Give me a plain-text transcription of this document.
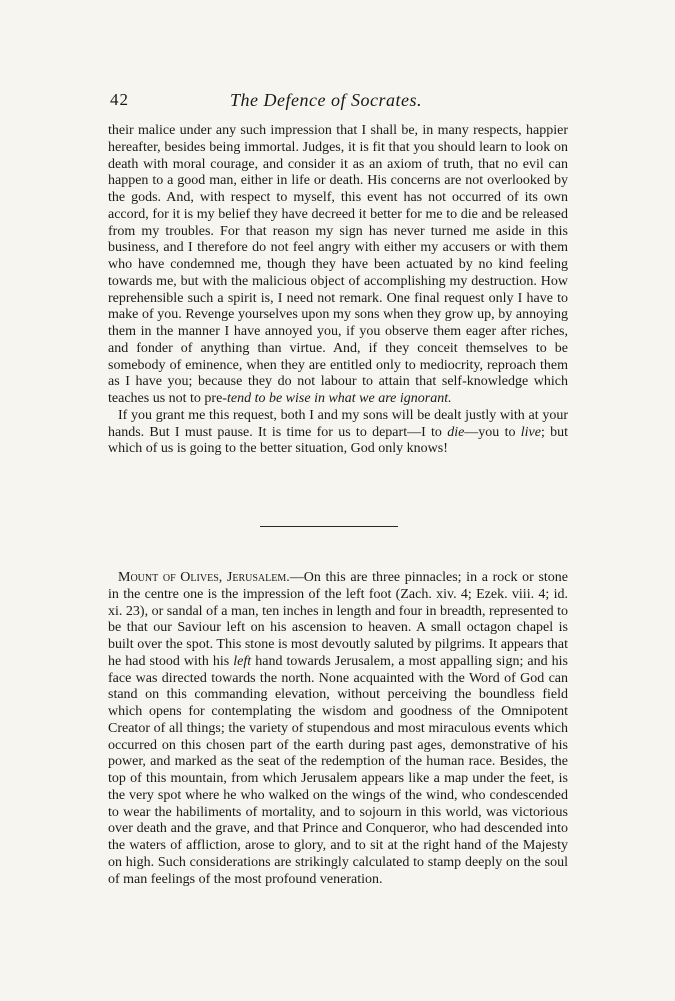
42	The Defence of Socrates.

their malice under any such impression that I shall be, in many respects, happier hereafter, besides being immortal. Judges, it is fit that you should learn to look on death with moral courage, and consider it as an axiom of truth, that no evil can happen to a good man, either in life or death. His concerns are not overlooked by the gods. And, with respect to myself, this event has not occurred of its own accord, for it is my belief they have decreed it better for me to die and be released from my troubles. For that reason my sign has never turned me aside in this business, and I therefore do not feel angry with either my accusers or with them who have condemned me, though they have been actuated by no kind feeling towards me, but with the malicious object of accomplishing my destruction. How reprehensible such a spirit is, I need not remark. One final request only I have to make of you. Revenge yourselves upon my sons when they grow up, by annoying them in the manner I have annoyed you, if you observe them eager after riches, and fonder of anything than virtue. And, if they conceit themselves to be somebody of eminence, when they are entitled only to mediocrity, reproach them as I have you; because they do not labour to attain that self-knowledge which teaches us not to pre-tend to be wise in what we are ignorant.

If you grant me this request, both I and my sons will be dealt justly with at your hands. But I must pause. It is time for us to depart—I to die—you to live; but which of us is going to the better situation, God only knows!

Mount of Olives, Jerusalem.—On this are three pinnacles; in a rock or stone in the centre one is the impression of the left foot (Zach. xiv. 4; Ezek. viii. 4; id. xi. 23), or sandal of a man, ten inches in length and four in breadth, represented to be that our Saviour left on his ascension to heaven. A small octagon chapel is built over the spot. This stone is most devoutly saluted by pilgrims. It appears that he had stood with his left hand towards Jerusalem, a most appalling sign; and his face was directed towards the north. None acquainted with the Word of God can stand on this commanding elevation, without perceiving the boundless field which opens for contemplating the wisdom and goodness of the Omnipotent Creator of all things; the variety of stupendous and most miraculous events which occurred on this chosen part of the earth during past ages, demonstrative of his power, and marked as the seat of the redemption of the human race. Besides, the top of this mountain, from which Jerusalem appears like a map under the feet, is the very spot where he who walked on the wings of the wind, who condescended to wear the habiliments of mortality, and to sojourn in this world, was victorious over death and the grave, and that Prince and Conqueror, who had descended into the waters of affliction, arose to glory, and to sit at the right hand of the Majesty on high. Such considerations are strikingly calculated to stamp deeply on the soul of man feelings of the most profound veneration.
